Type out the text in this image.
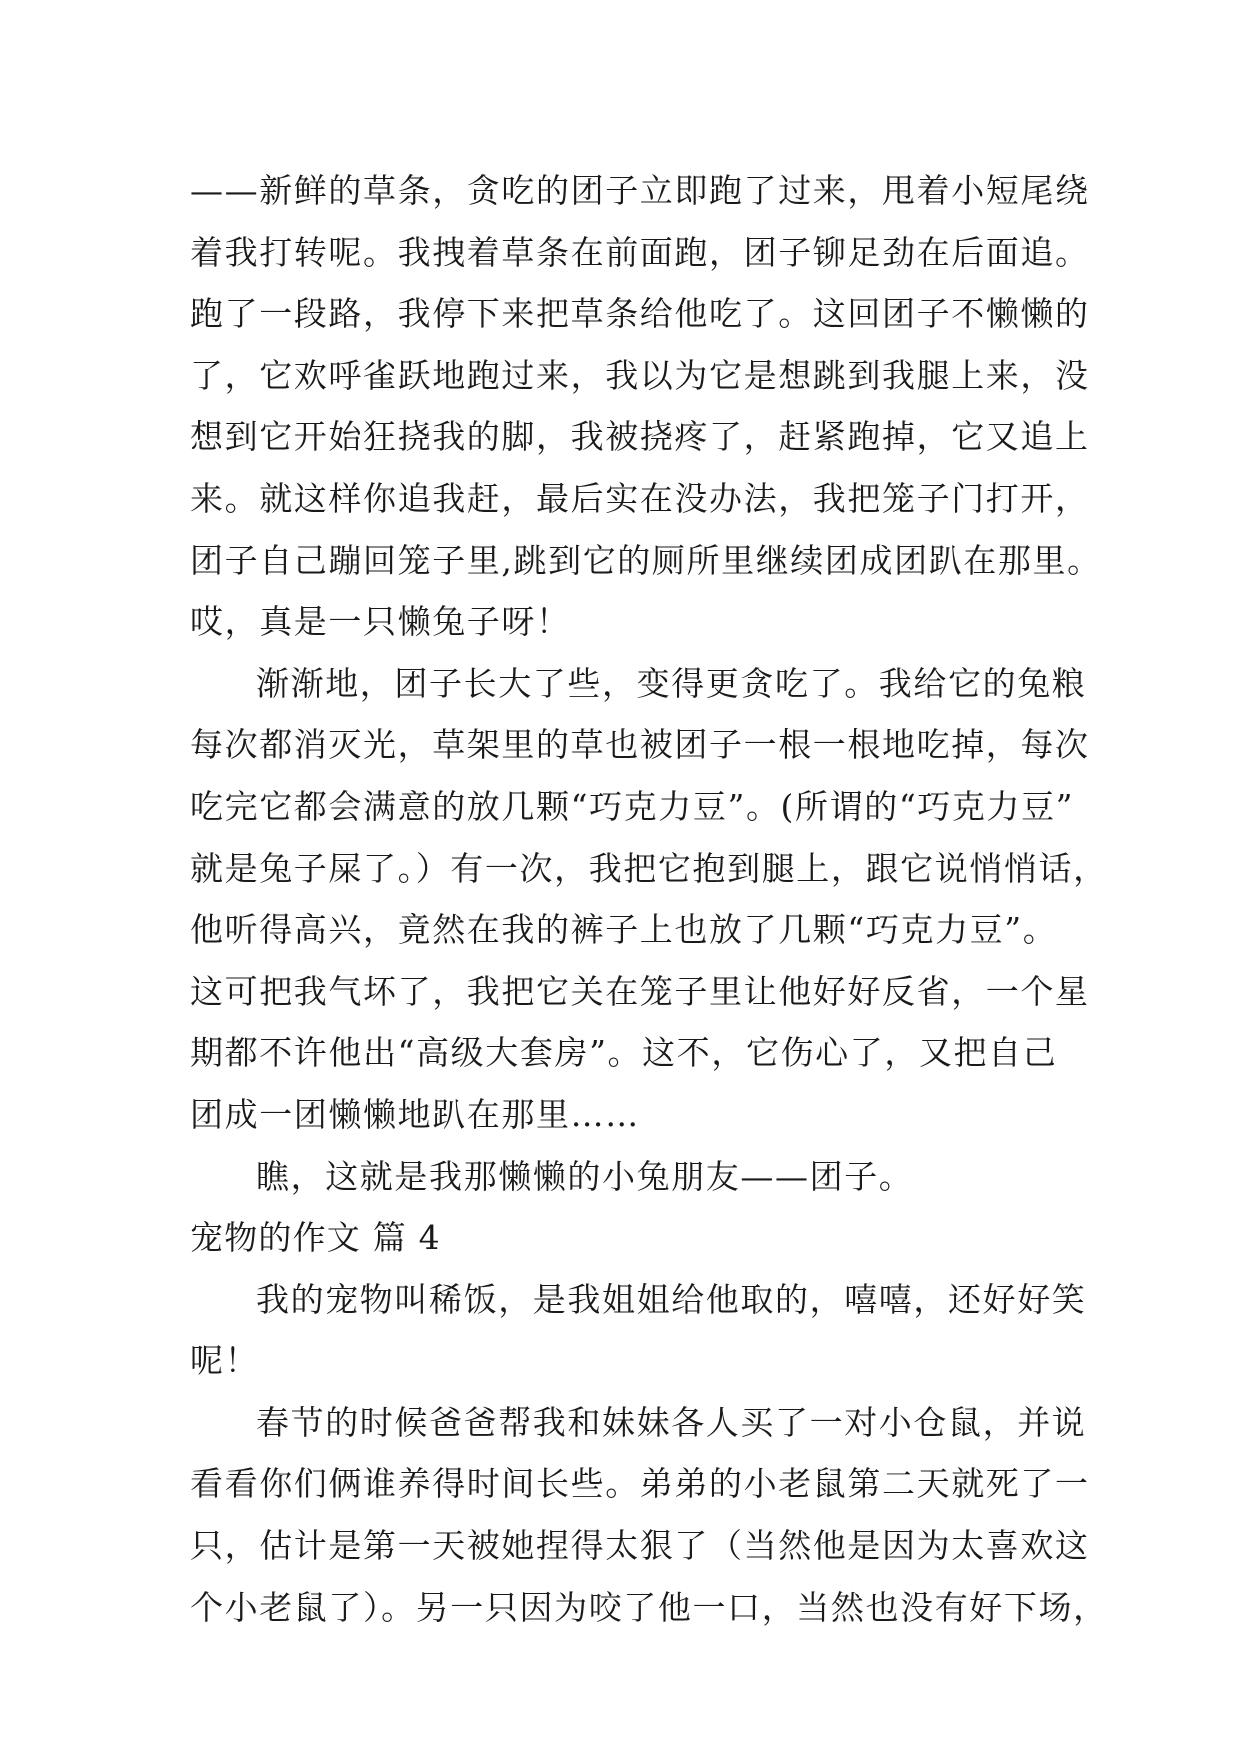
——新鲜的草条，贪吃的团子立即跑了过来，甩着小短尾绕
着我打转呢。我拽着草条在前面跑，团子铆足劲在后面追。
跑了一段路，我停下来把草条给他吃了。这回团子不懒懒的
了，它欢呼雀跃地跑过来，我以为它是想跳到我腿上来，没
想到它开始狂挠我的脚，我被挠疼了，赶紧跑掉，它又追上
来。就这样你追我赶，最后实在没办法，我把笼子门打开，
团子自己蹦回笼子里,跳到它的厕所里继续团成团趴在那里。
哎，真是一只懒兔子呀！
渐渐地，团子长大了些，变得更贪吃了。我给它的兔粮
每次都消灭光，草架里的草也被团子一根一根地吃掉，每次
吃完它都会满意的放几颗“巧克力豆”。(所谓的“巧克力豆”
就是兔子屎了。）有一次，我把它抱到腿上，跟它说悄悄话，
他听得高兴，竟然在我的裤子上也放了几颗“巧克力豆”。
这可把我气坏了，我把它关在笼子里让他好好反省，一个星
期都不许他出“高级大套房”。这不，它伤心了，又把自己
团成一团懒懒地趴在那里……
瞧，这就是我那懒懒的小兔朋友——团子。
宠物的作文 篇 4
我的宠物叫稀饭，是我姐姐给他取的，嘻嘻，还好好笑
呢！
春节的时候爸爸帮我和妹妹各人买了一对小仓鼠，并说
看看你们俩谁养得时间长些。弟弟的小老鼠第二天就死了一
只，估计是第一天被她捏得太狠了（当然他是因为太喜欢这
个小老鼠了）。另一只因为咬了他一口，当然也没有好下场，
